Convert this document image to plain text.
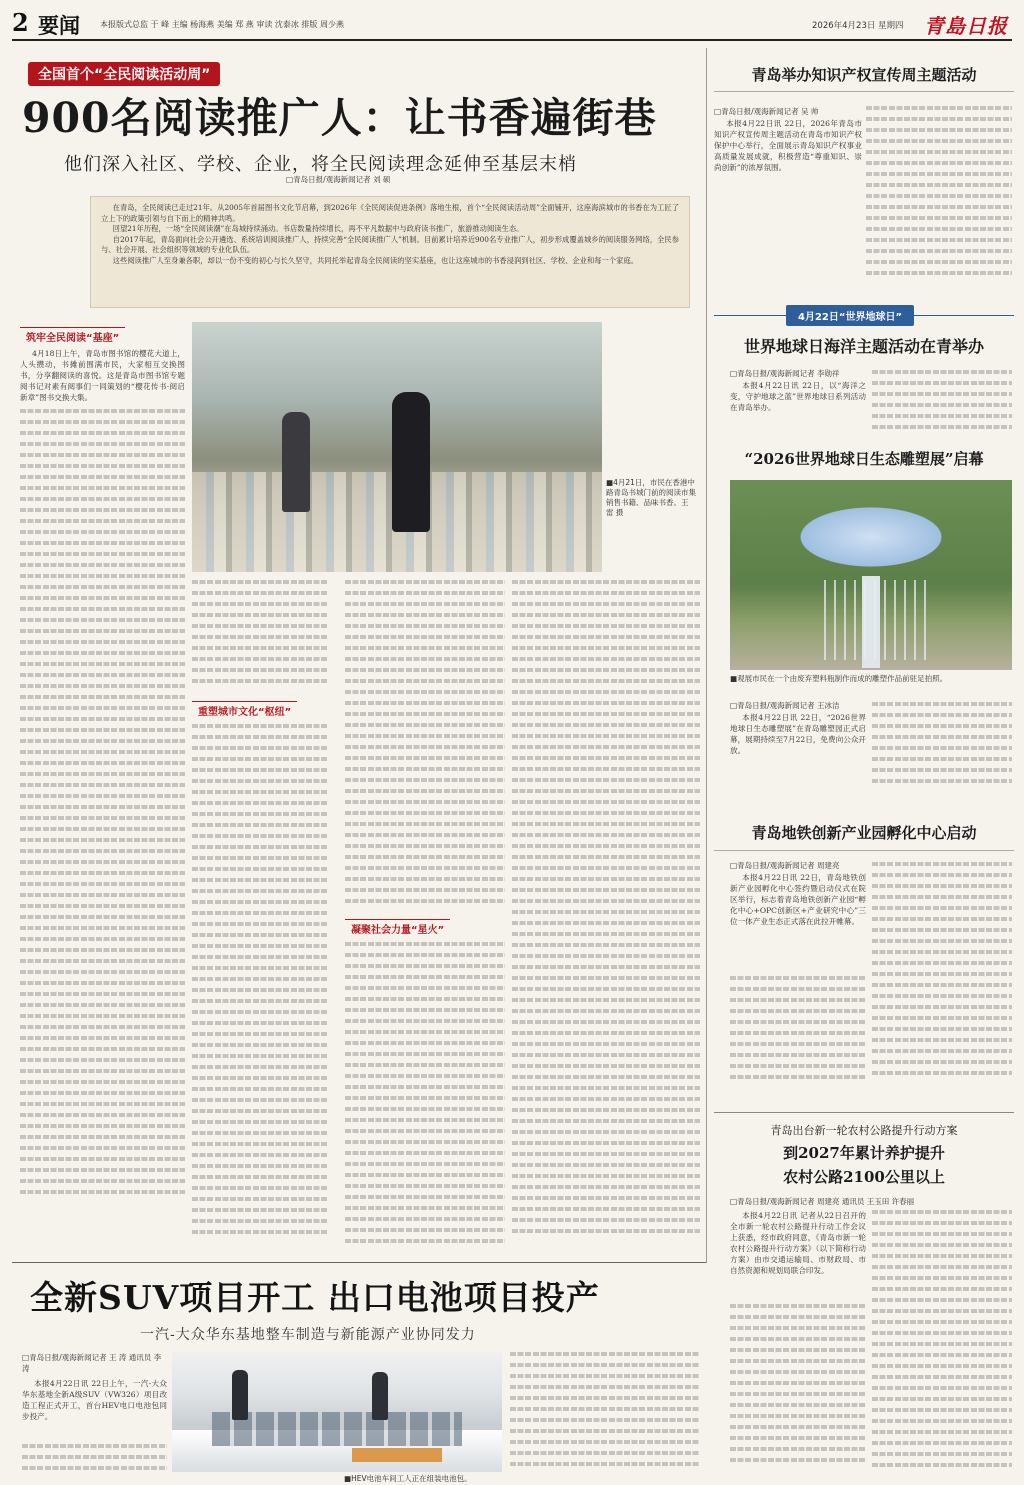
2 要闻	本报版式总监 于 峰 主编 杨海燕 美编 郑 燕 审读 沈泰冰 排版 周少燕	2026年4月23日 星期四 青島日报
全国首个“全民阅读活动周”
900名阅读推广人：让书香遍街巷
他们深入社区、学校、企业，将全民阅读理念延伸至基层末梢
□青岛日报/观海新闻记者 刘 硕

在青岛，全民阅读已走过21年。从2005年首届图书文化节启幕，到2026年《全民阅读促进条例》落地生根，首个“全民阅读活动周”全面铺开，这座海滨城市的书香在为工匠了立上下的政策引领与自下而上的精神共鸣。

回望21年历程，一场“全民阅读潮”在岛城持续涌动。书店数量持续增长，再不平凡数据中与政府读书推广，旅游推动阅读生态。

自2017年起，青岛面向社会公开遴选、系统培训阅读推广人，持续完善“全民阅读推广人”机制。目前累计培养近900名专业推广人，初步形成覆盖城乡的阅读服务网络，全民参与、社会开展、社会组织等领域的专业化队伍。

这些阅读推广人至身兼各职，却以一份不变的初心与长久坚守，共同托举起青岛全民阅读的坚实基座，也让这座城市的书香浸润到社区、学校、企业和每一个家庭。

筑牢全民阅读“基座”

4月18日上午，青岛市图书馆的樱花大道上，人头攒动，书摊前围满市民，大家相互交换图书，分享翻阅读的喜悦。这是青岛市图书馆专题阅书记对素有阅事们一同策划的“樱花传书·阅启新章”图书交换大集。

■4月21日，市民在香港中路青岛书城门前的阅读市集销售书籍、品味书香。王 雷 摄
重塑城市文化“枢纽”
凝聚社会力量“星火”
青岛举办知识产权宣传周主题活动
□青岛日报/观海新闻记者 吴 帅
本报4月22日讯 22日，2026年青岛市知识产权宣传周主题活动在青岛市知识产权保护中心举行，全面展示青岛知识产权事业高质量发展成就，积极营造“尊重知识、崇尚创新”的浓厚氛围。
4月22日“世界地球日”
世界地球日海洋主题活动在青举办
□青岛日报/观海新闻记者 李勋祥
本报4月22日讯 22日，以“海洋之变，守护地球之蓝”世界地球日系列活动在青岛举办。
“2026世界地球日生态雕塑展”启幕
■观展市民在一个由废弃塑料瓶制作而成的雕塑作品前驻足拍照。
□青岛日报/观海新闻记者 王冰洁
本报4月22日讯 22日，“2026世界地球日生态雕塑展”在青岛雕塑园正式启幕，展期持续至7月22日，免费向公众开放。
青岛地铁创新产业园孵化中心启动
□青岛日报/观海新闻记者 周建亮
本报4月22日讯 22日，青岛地铁创新产业园孵化中心签约暨启动仪式在院区举行，标志着青岛地铁创新产业园“孵化中心+OPC创新区+产业研究中心”三位一体产业生态正式落在此拉开帷幕。
青岛出台新一轮农村公路提升行动方案
到2027年累计养护提升
农村公路2100公里以上
□青岛日报/观海新闻记者 周建亮 通讯员 王玉田 许春丽
本报4月22日讯 记者从22日召开的全市新一轮农村公路提升行动工作会议上获悉，经市政府同意，《青岛市新一轮农村公路提升行动方案》（以下简称行动方案）由市交通运输局、市财政局、市自然资源和规划局联合印发。
全新SUV项目开工 出口电池项目投产
一汽-大众华东基地整车制造与新能源产业协同发力
□青岛日报/观海新闻记者 王 涛 通讯员 李 涛
本报4月22日讯 22日上午，一汽-大众华东基地全新A级SUV（VW326）项目改造工程正式开工，首台HEV电口电池包同步投产。
■HEV电池车间工人正在组装电池包。
